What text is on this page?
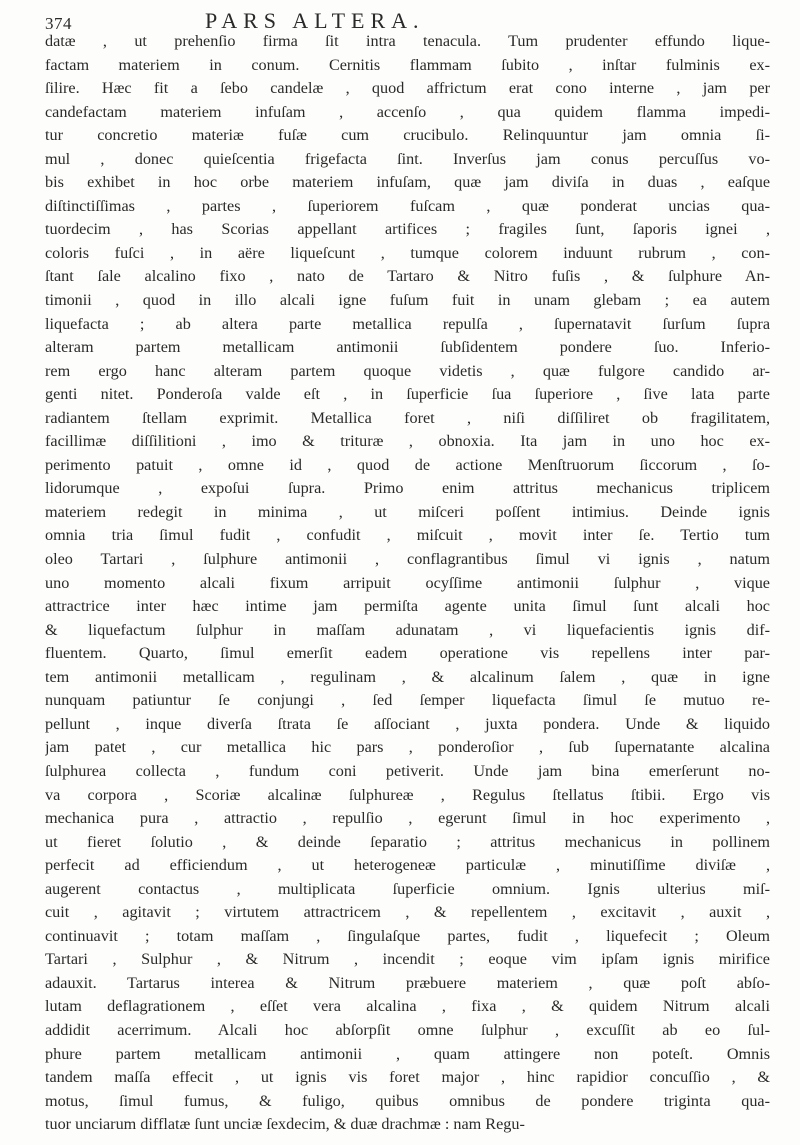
374	PARS ALTERA.
datæ , ut prehenſio firma ſit intra tenacula. Tum prudenter effundo lique-
factam materiem in conum. Cernitis flammam ſubito , inſtar fulminis ex-
ſilire. Hæc fit a ſebo candelæ , quod affrictum erat cono interne , jam per
candefactam materiem infuſam , accenſo , qua quidem flamma impedi-
tur concretio materiæ fuſæ cum crucibulo. Relinquuntur jam omnia ſi-
mul , donec quieſcentia frigefacta ſint. Inverſus jam conus percuſſus vo-
bis exhibet in hoc orbe materiem infuſam, quæ jam diviſa in duas , eaſque
diſtinctiſſimas , partes , ſuperiorem fuſcam , quæ ponderat uncias qua-
tuordecim , has Scorias appellant artifices ; fragiles ſunt, ſaporis ignei ,
coloris fuſci , in aëre liqueſcunt , tumque colorem induunt rubrum , con-
ſtant ſale alcalino fixo , nato de Tartaro & Nitro fuſis , & ſulphure An-
timonii , quod in illo alcali igne fuſum fuit in unam glebam ; ea autem
liquefacta ; ab altera parte metallica repulſa , ſupernatavit ſurſum ſupra
alteram partem metallicam antimonii ſubſidentem pondere ſuo. Inferio-
rem ergo hanc alteram partem quoque videtis , quæ fulgore candido ar-
genti nitet. Ponderoſa valde eſt , in ſuperficie ſua ſuperiore , ſive lata parte
radiantem ſtellam exprimit. Metallica foret , niſi diſſiliret ob fragilitatem,
facillimæ diſſilitioni , imo & trituræ , obnoxia. Ita jam in uno hoc ex-
perimento patuit , omne id , quod de actione Menſtruorum ſiccorum , ſo-
lidorumque , expoſui ſupra. Primo enim attritus mechanicus triplicem
materiem redegit in minima , ut miſceri poſſent intimius. Deinde ignis
omnia tria ſimul fudit , confudit , miſcuit , movit inter ſe. Tertio tum
oleo Tartari , ſulphure antimonii , conflagrantibus ſimul vi ignis , natum
uno momento alcali fixum arripuit ocyſſime antimonii ſulphur , vique
attractrice inter hæc intime jam permiſta agente unita ſimul ſunt alcali hoc
& liquefactum ſulphur in maſſam adunatam , vi liquefacientis ignis dif-
fluentem. Quarto, ſimul emerſit eadem operatione vis repellens inter par-
tem antimonii metallicam , regulinam , & alcalinum ſalem , quæ in igne
nunquam patiuntur ſe conjungi , ſed ſemper liquefacta ſimul ſe mutuo re-
pellunt , inque diverſa ſtrata ſe aſſociant , juxta pondera. Unde & liquido
jam patet , cur metallica hic pars , ponderoſior , ſub ſupernatante alcalina
ſulphurea collecta , fundum coni petiverit. Unde jam bina emerſerunt no-
va corpora , Scoriæ alcalinæ ſulphureæ , Regulus ſtellatus ſtibii. Ergo vis
mechanica pura , attractio , repulſio , egerunt ſimul in hoc experimento ,
ut fieret ſolutio , & deinde ſeparatio ; attritus mechanicus in pollinem
perfecit ad efficiendum , ut heterogeneæ particulæ , minutiſſime diviſæ ,
augerent contactus , multiplicata ſuperficie omnium. Ignis ulterius miſ-
cuit , agitavit ; virtutem attractricem , & repellentem , excitavit , auxit ,
continuavit ; totam maſſam , ſingulaſque partes, fudit , liquefecit ; Oleum
Tartari , Sulphur , & Nitrum , incendit ; eoque vim ipſam ignis mirifice
adauxit. Tartarus interea & Nitrum præbuere materiem , quæ poſt abſo-
lutam deflagrationem , eſſet vera alcalina , fixa , & quidem Nitrum alcali
addidit acerrimum. Alcali hoc abſorpſit omne ſulphur , excuſſit ab eo ſul-
phure partem metallicam antimonii , quam attingere non poteſt. Omnis
tandem maſſa effecit , ut ignis vis foret major , hinc rapidior concuſſio , &
motus, ſimul fumus, & fuligo, quibus omnibus de pondere triginta qua-
tuor unciarum difflatæ ſunt unciæ ſexdecim, & duæ drachmæ : nam Regu-
